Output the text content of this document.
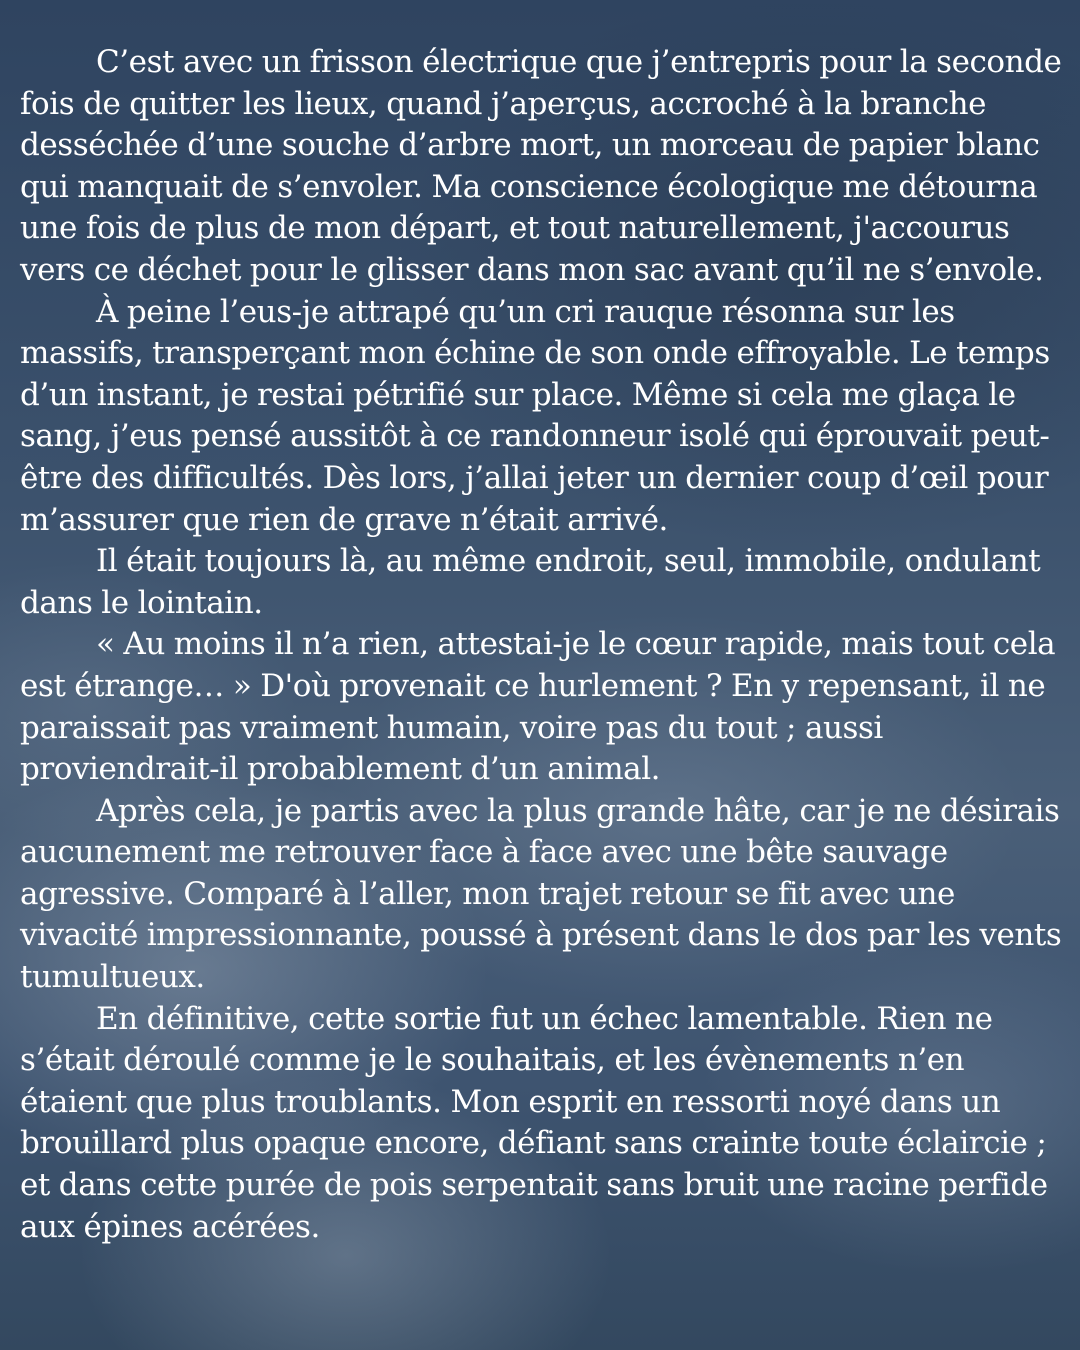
C’est avec un frisson électrique que j’entrepris pour la seconde fois de quitter les lieux, quand j’aperçus, accroché à la branche desséchée d’une souche d’arbre mort, un morceau de papier blanc qui manquait de s’envoler. Ma conscience écologique me détourna une fois de plus de mon départ, et tout naturellement, j'accourus vers ce déchet pour le glisser dans mon sac avant qu’il ne s’envole.

À peine l’eus-je attrapé qu’un cri rauque résonna sur les massifs, transperçant mon échine de son onde effroyable. Le temps d’un instant, je restai pétrifié sur place. Même si cela me glaça le sang, j’eus pensé aussitôt à ce randonneur isolé qui éprouvait peut-être des difficultés. Dès lors, j’allai jeter un dernier coup d’œil pour m’assurer que rien de grave n’était arrivé.

Il était toujours là, au même endroit, seul, immobile, ondulant dans le lointain.

« Au moins il n’a rien, attestai-je le cœur rapide, mais tout cela est étrange… » D'où provenait ce hurlement ? En y repensant, il ne paraissait pas vraiment humain, voire pas du tout ; aussi proviendrait-il probablement d’un animal.

Après cela, je partis avec la plus grande hâte, car je ne désirais aucunement me retrouver face à face avec une bête sauvage agressive. Comparé à l’aller, mon trajet retour se fit avec une vivacité impressionnante, poussé à présent dans le dos par les vents tumultueux.

En définitive, cette sortie fut un échec lamentable. Rien ne s’était déroulé comme je le souhaitais, et les évènements n’en étaient que plus troublants. Mon esprit en ressorti noyé dans un brouillard plus opaque encore, défiant sans crainte toute éclaircie ; et dans cette purée de pois serpentait sans bruit une racine perfide aux épines acérées.
